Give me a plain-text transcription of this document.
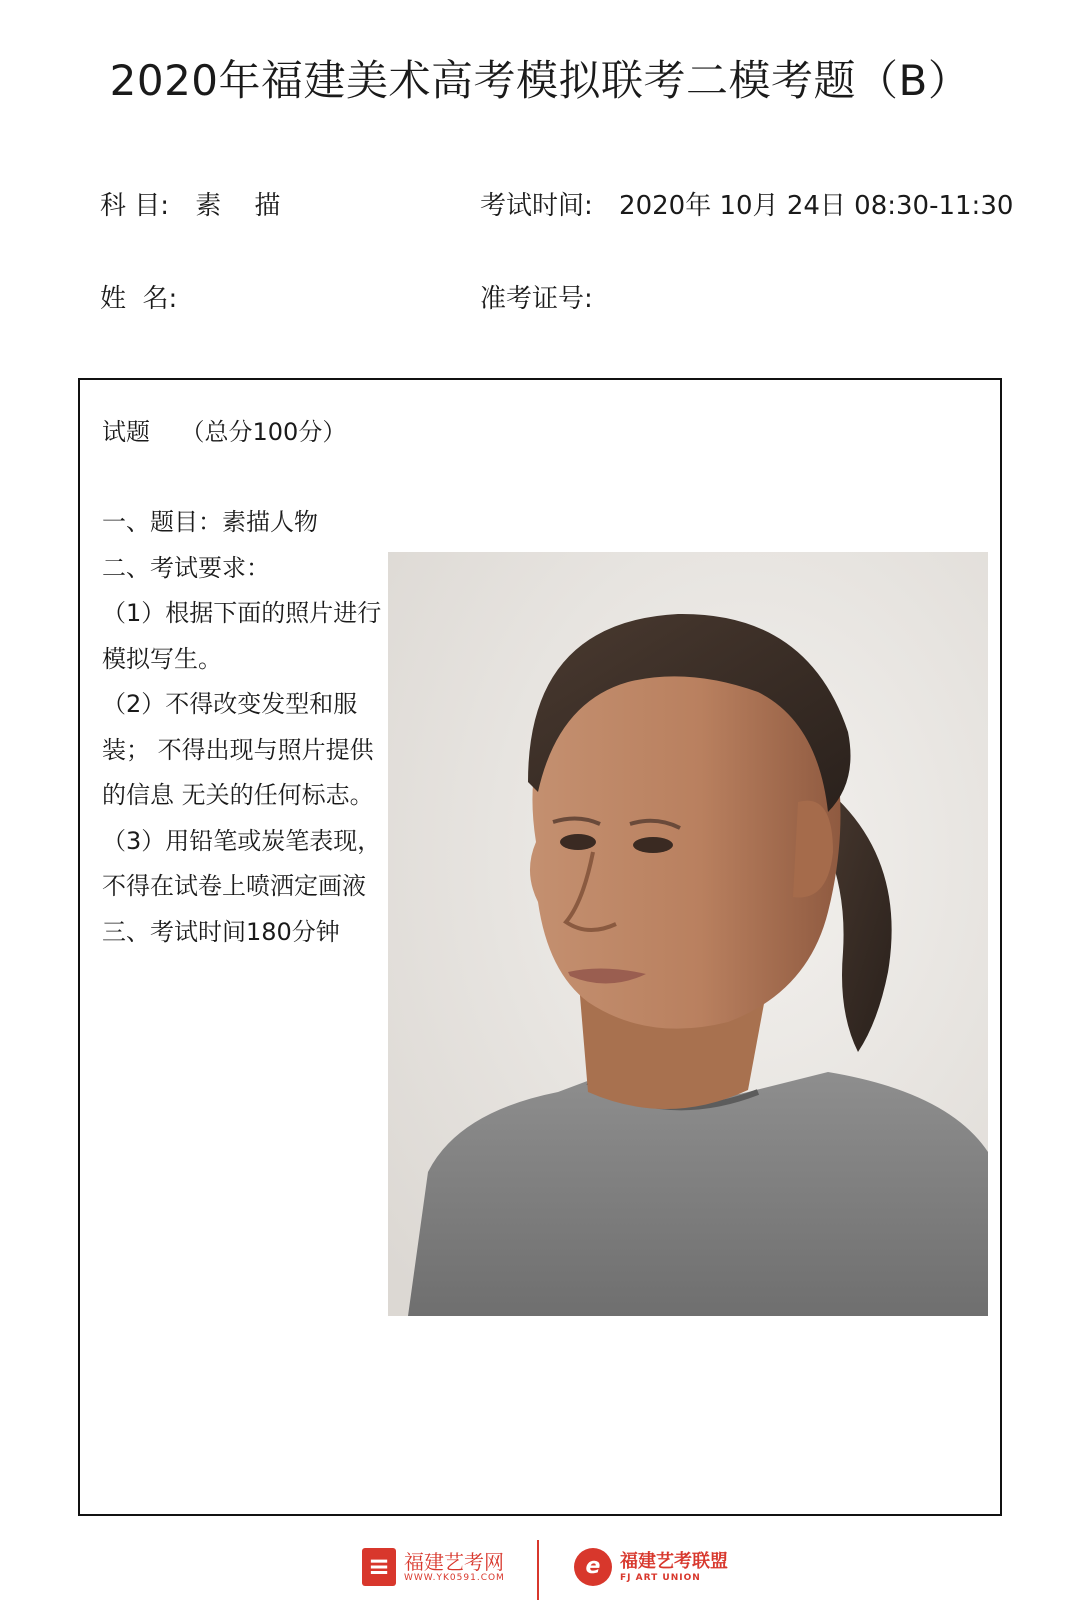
2020年福建美术高考模拟联考二模考题（B）
科 目: 素    描	考试时间: 2020年 10月 24日 08:30-11:30
姓  名:	准考证号:
试题    （总分100分）

一、题目：素描人物

二、考试要求：

（1）根据下面的照片进行 模拟写生。

（2）不得改变发型和服装； 不得出现与照片提供的信息 无关的任何标志。

（3）用铅笔或炭笔表现， 不得在试卷上喷洒定画液

三、考试时间180分钟

≡ 福建艺考网
WWW.YK0591.COM	e	福建艺考联盟
FJ ART UNION
